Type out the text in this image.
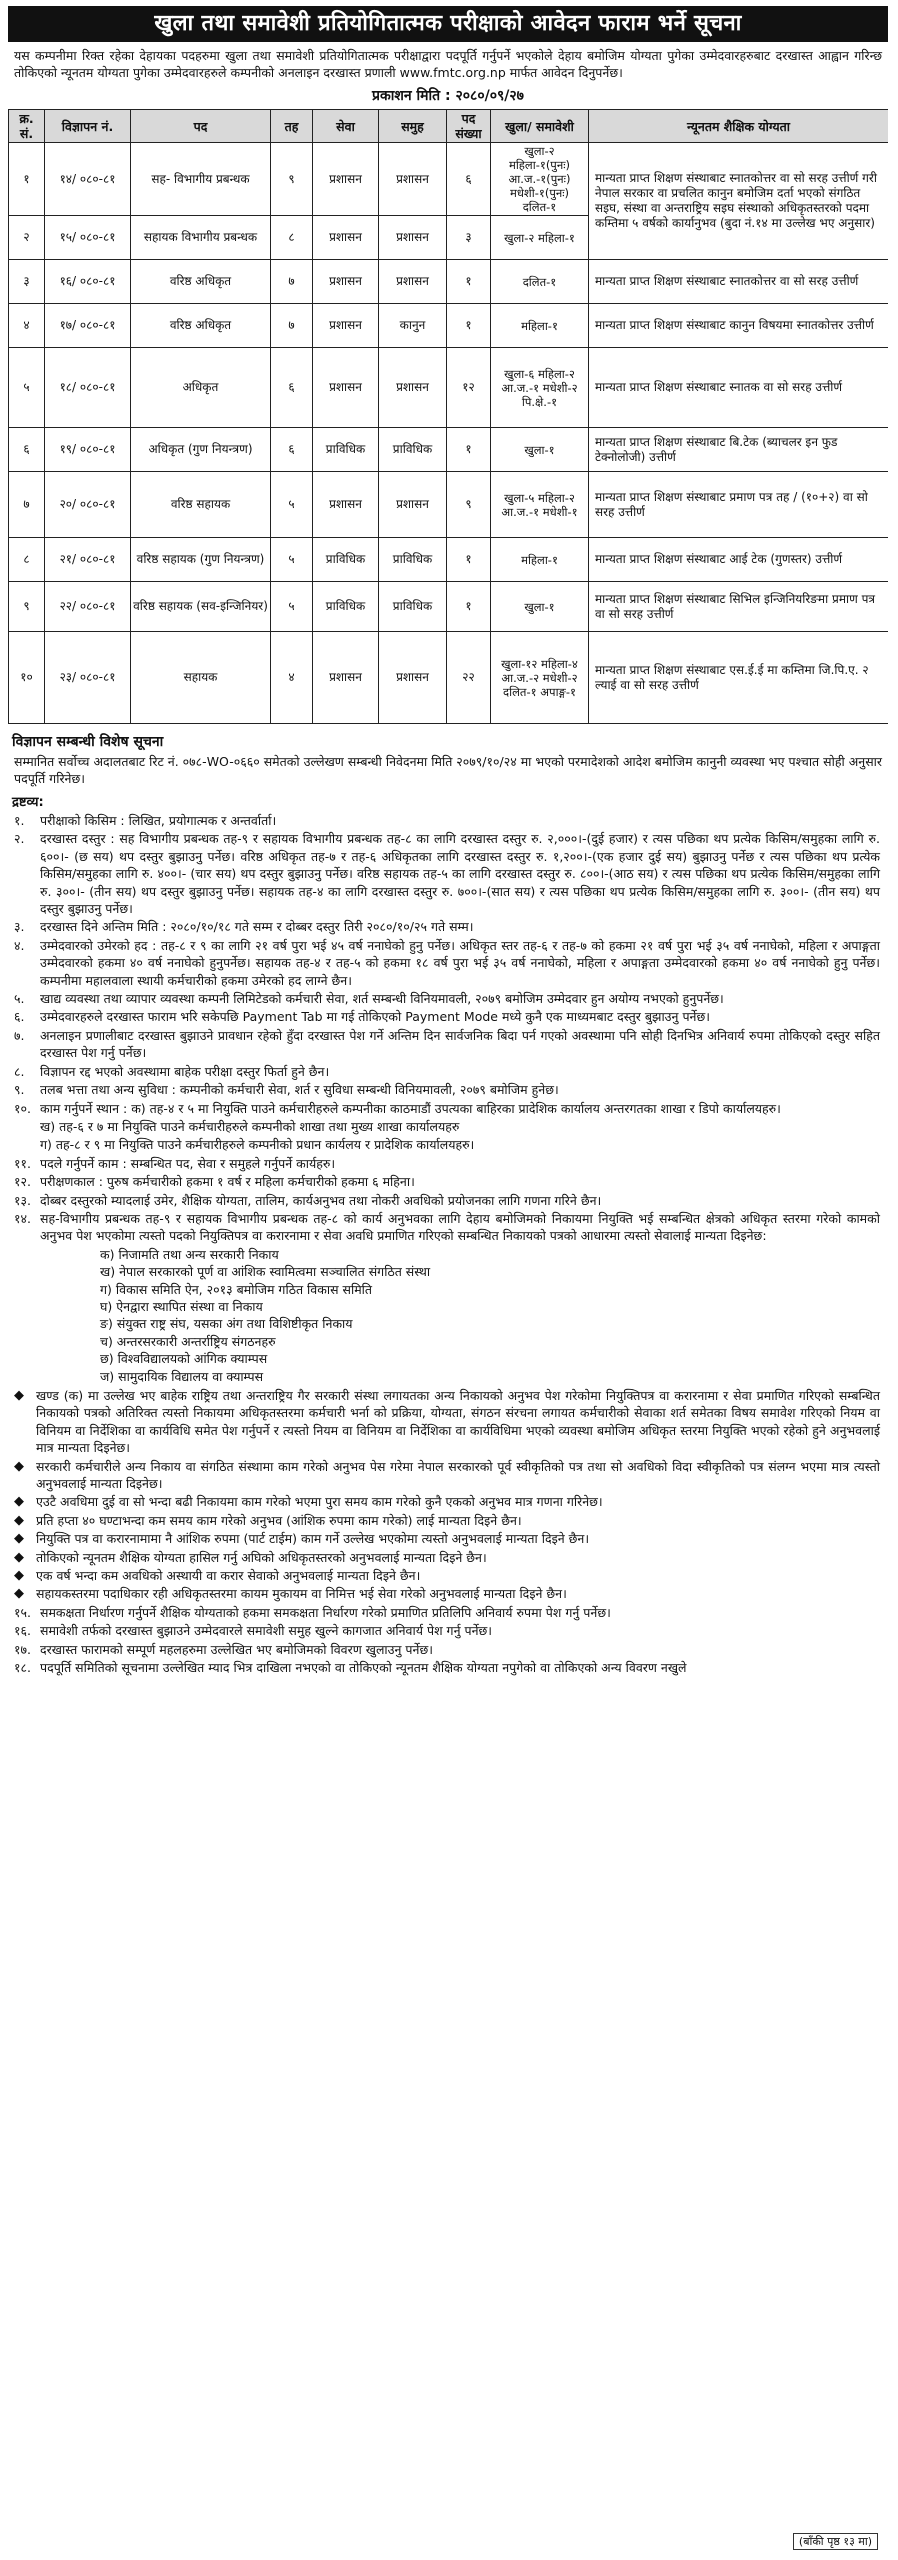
खुला तथा समावेशी प्रतियोगितात्मक परीक्षाको आवेदन फाराम भर्ने सूचना
यस कम्पनीमा रिक्त रहेका देहायका पदहरुमा खुला तथा समावेशी प्रतियोगितात्मक परीक्षाद्वारा पदपूर्ति गर्नुपर्ने भएकोले देहाय बमोजिम योग्यता पुगेका उम्मेदवारहरुबाट दरखास्त आह्वान गरिन्छ तोकिएको न्यूनतम योग्यता पुगेका उम्मेदवारहरुले कम्पनीको अनलाइन दरखास्त प्रणाली www.fmtc.org.np मार्फत आवेदन दिनुपर्नेछ।
प्रकाशन मिति : २०८०/०९/२७
क्र. सं.	विज्ञापन नं.	पद	तह	सेवा	समुह	पद संख्या	खुला/ समावेशी	न्यूनतम शैक्षिक योग्यता
१	१४/ ०८०-८१	सह- विभागीय प्रबन्धक	९	प्रशासन	प्रशासन	६	खुला-२ महिला-१(पुनः) आ.ज.-१(पुनः) मधेशी-१(पुनः) दलित-१	मान्यता प्राप्त शिक्षण संस्थाबाट स्नातकोत्तर वा सो सरह उत्तीर्ण गरी नेपाल सरकार वा प्रचलित कानुन बमोजिम दर्ता भएको संगठित सइघ, संस्था वा अन्तराष्ट्रिय सइघ संस्थाको अधिकृतस्तरको पदमा कम्तिमा ५ वर्षको कार्यानुभव (बुदा नं.१४ मा उल्लेख भए अनुसार)
२	१५/ ०८०-८१	सहायक विभागीय प्रबन्धक	८	प्रशासन	प्रशासन	३	खुला-२ महिला-१	
३	१६/ ०८०-८१	वरिष्ठ अधिकृत	७	प्रशासन	प्रशासन	१	दलित-१	मान्यता प्राप्त शिक्षण संस्थाबाट स्नातकोत्तर वा सो सरह उत्तीर्ण
४	१७/ ०८०-८१	वरिष्ठ अधिकृत	७	प्रशासन	कानुन	१	महिला-१	मान्यता प्राप्त शिक्षण संस्थाबाट कानुन विषयमा स्नातकोत्तर उत्तीर्ण
५	१८/ ०८०-८१	अधिकृत	६	प्रशासन	प्रशासन	१२	खुला-६ महिला-२ आ.ज.-१ मधेशी-२ पि.क्षे.-१	मान्यता प्राप्त शिक्षण संस्थाबाट स्नातक वा सो सरह उत्तीर्ण
६	१९/ ०८०-८१	अधिकृत (गुण नियन्त्रण)	६	प्राविधिक	प्राविधिक	१	खुला-१	मान्यता प्राप्त शिक्षण संस्थाबाट बि.टेक (ब्याचलर इन फुड टेक्नोलोजी) उत्तीर्ण
७	२०/ ०८०-८१	वरिष्ठ सहायक	५	प्रशासन	प्रशासन	९	खुला-५ महिला-२ आ.ज.-१ मधेशी-१	मान्यता प्राप्त शिक्षण संस्थाबाट प्रमाण पत्र तह / (१०+२) वा सो सरह उत्तीर्ण
८	२१/ ०८०-८१	वरिष्ठ सहायक (गुण नियन्त्रण)	५	प्राविधिक	प्राविधिक	१	महिला-१	मान्यता प्राप्त शिक्षण संस्थाबाट आई टेक (गुणस्तर) उत्तीर्ण
९	२२/ ०८०-८१	वरिष्ठ सहायक (सव-इन्जिनियर)	५	प्राविधिक	प्राविधिक	१	खुला-१	मान्यता प्राप्त शिक्षण संस्थाबाट सिभिल इन्जिनियरिङमा प्रमाण पत्र वा सो सरह उत्तीर्ण
१०	२३/ ०८०-८१	सहायक	४	प्रशासन	प्रशासन	२२	खुला-१२ महिला-४ आ.ज.-२ मधेशी-२ दलित-१ अपाङ्ग-१	मान्यता प्राप्त शिक्षण संस्थाबाट एस.ई.ई मा कम्तिमा जि.पि.ए. २ ल्याई वा सो सरह उत्तीर्ण
विज्ञापन सम्बन्धी विशेष सूचना
सम्मानित सर्वोच्च अदालतबाट रिट नं. ०७८-WO-०६६० समेतको उल्लेखण सम्बन्धी निवेदनमा मिति २०७९/१०/२४ मा भएको परमादेशको आदेश बमोजिम कानुनी व्यवस्था भए पश्चात सोही अनुसार पदपूर्ति गरिनेछ।
द्रष्टव्य:
१.	परीक्षाको किसिम : लिखित, प्रयोगात्मक र अन्तर्वार्ता।
२.	दरखास्त दस्तुर : सह विभागीय प्रबन्धक तह-९ र सहायक विभागीय प्रबन्धक तह-८ का लागि दरखास्त दस्तुर रु. २,०००।-(दुई हजार) र त्यस पछिका थप प्रत्येक किसिम/समुहका लागि रु. ६००।- (छ सय) थप दस्तुर बुझाउनु पर्नेछ। वरिष्ठ अधिकृत तह-७ र तह-६ अधिकृतका लागि दरखास्त दस्तुर रु. १,२००।-(एक हजार दुई सय) बुझाउनु पर्नेछ र त्यस पछिका थप प्रत्येक किसिम/समुहका लागि रु. ४००।- (चार सय) थप दस्तुर बुझाउनु पर्नेछ। वरिष्ठ सहायक तह-५ का लागि दरखास्त दस्तुर रु. ८००।-(आठ सय) र त्यस पछिका थप प्रत्येक किसिम/समुहका लागि रु. ३००।- (तीन सय) थप दस्तुर बुझाउनु पर्नेछ। सहायक तह-४ का लागि दरखास्त दस्तुर रु. ७००।-(सात सय) र त्यस पछिका थप प्रत्येक किसिम/समुहका लागि रु. ३००।- (तीन सय) थप दस्तुर बुझाउनु पर्नेछ।
३.	दरखास्त दिने अन्तिम मिति : २०८०/१०/१८ गते सम्म र दोब्बर दस्तुर तिरी २०८०/१०/२५ गते सम्म।
४.	उम्मेदवारको उमेरको हद : तह-८ र ९ का लागि २१ वर्ष पुरा भई ४५ वर्ष ननाघेको हुनु पर्नेछ। अधिकृत स्तर तह-६ र तह-७ को हकमा २१ वर्ष पुरा भई ३५ वर्ष ननाघेको, महिला र अपाङ्गता उम्मेदवारको हकमा ४० वर्ष ननाघेको हुनुपर्नेछ। सहायक तह-४ र तह-५ को हकमा १८ वर्ष पुरा भई ३५ वर्ष ननाघेको, महिला र अपाङ्गता उम्मेदवारको हकमा ४० वर्ष ननाघेको हुनु पर्नेछ। कम्पनीमा महालवाला स्थायी कर्मचारीको हकमा उमेरको हद लाग्ने छैन।
५.	खाद्य व्यवस्था तथा व्यापार व्यवस्था कम्पनी लिमिटेडको कर्मचारी सेवा, शर्त सम्बन्धी विनियमावली, २०७९ बमोजिम उम्मेदवार हुन अयोग्य नभएको हुनुपर्नेछ।
६.	उम्मेदवारहरुले दरखास्त फाराम भरि सकेपछि Payment Tab मा गई तोकिएको Payment Mode मध्ये कुनै एक माध्यमबाट दस्तुर बुझाउनु पर्नेछ।
७.	अनलाइन प्रणालीबाट दरखास्त बुझाउने प्रावधान रहेको हुँदा दरखास्त पेश गर्ने अन्तिम दिन सार्वजनिक बिदा पर्न गएको अवस्थामा पनि सोही दिनभित्र अनिवार्य रुपमा तोकिएको दस्तुर सहित दरखास्त पेश गर्नु पर्नेछ।
८.	विज्ञापन रद्द भएको अवस्थामा बाहेक परीक्षा दस्तुर फिर्ता हुने छैन।
९.	तलब भत्ता तथा अन्य सुविधा : कम्पनीको कर्मचारी सेवा, शर्त र सुविधा सम्बन्धी विनियमावली, २०७९ बमोजिम हुनेछ।
१०. काम गर्नुपर्ने स्थान : क) तह-४ र ५ मा नियुक्ति पाउने कर्मचारीहरुले कम्पनीका काठमाडौं उपत्यका बाहिरका प्रादेशिक कार्यालय अन्तरगतका शाखा र डिपो कार्यालयहरु।
ख) तह-६ र ७ मा नियुक्ति पाउने कर्मचारीहरुले कम्पनीको शाखा तथा मुख्य शाखा कार्यालयहरु
ग) तह-८ र ९ मा नियुक्ति पाउने कर्मचारीहरुले कम्पनीको प्रधान कार्यलय र प्रादेशिक कार्यालयहरु।
११. पदले गर्नुपर्ने काम : सम्बन्धित पद, सेवा र समुहले गर्नुपर्ने कार्यहरु।
१२. परीक्षणकाल : पुरुष कर्मचारीको हकमा १ वर्ष र महिला कर्मचारीको हकमा ६ महिना।
१३. दोब्बर दस्तुरको म्यादलाई उमेर, शैक्षिक योग्यता, तालिम, कार्यअनुभव तथा नोकरी अवधिको प्रयोजनका लागि गणना गरिने छैन।
१४. सह-विभागीय प्रबन्धक तह-९ र सहायक विभागीय प्रबन्धक तह-८ को कार्य अनुभवका लागि देहाय बमोजिमको निकायमा नियुक्ति भई सम्बन्धित क्षेत्रको अधिकृत स्तरमा गरेको कामको अनुभव पेश भएकोमा त्यस्तो पदको नियुक्तिपत्र वा करारनामा र सेवा अवधि प्रमाणित गरिएको सम्बन्धित निकायको पत्रको आधारमा त्यस्तो सेवालाई मान्यता दिइनेछ:
क) निजामति तथा अन्य सरकारी निकाय
ख) नेपाल सरकारको पूर्ण वा आंशिक स्वामित्वमा सञ्चालित संगठित संस्था
ग) विकास समिति ऐन, २०१३ बमोजिम गठित विकास समिति
घ) ऐनद्वारा स्थापित संस्था वा निकाय
ङ) संयुक्त राष्ट्र संघ, यसका अंग तथा विशिष्टीकृत निकाय
च) अन्तरसरकारी अन्तर्राष्ट्रिय संगठनहरु
छ) विश्वविद्यालयको आंगिक क्याम्पस
ज) सामुदायिक विद्यालय वा क्याम्पस
◆ खण्ड (क) मा उल्लेख भए बाहेक राष्ट्रिय तथा अन्तराष्ट्रिय गैर सरकारी संस्था लगायतका अन्य निकायको अनुभव पेश गरेकोमा नियुक्तिपत्र वा करारनामा र सेवा प्रमाणित गरिएको सम्बन्धित निकायको पत्रको अतिरिक्त त्यस्तो निकायमा अधिकृतस्तरमा कर्मचारी भर्ना को प्रक्रिया, योग्यता, संगठन संरचना लगायत कर्मचारीको सेवाका शर्त समेतका विषय समावेश गरिएको नियम वा विनियम वा निर्देशिका वा कार्यविधि समेत पेश गर्नुपर्ने र त्यस्तो नियम वा विनियम वा निर्देशिका वा कार्यविधिमा भएको व्यवस्था बमोजिम अधिकृत स्तरमा नियुक्ति भएको रहेको हुने अनुभवलाई मात्र मान्यता दिइनेछ।
◆ सरकारी कर्मचारीले अन्य निकाय वा संगठित संस्थामा काम गरेको अनुभव पेस गरेमा नेपाल सरकारको पूर्व स्वीकृतिको पत्र तथा सो अवधिको विदा स्वीकृतिको पत्र संलग्न भएमा मात्र त्यस्तो अनुभवलाई मान्यता दिइनेछ।
◆ एउटै अवधिमा दुई वा सो भन्दा बढी निकायमा काम गरेको भएमा पुरा समय काम गरेको कुनै एकको अनुभव मात्र गणना गरिनेछ।
◆ प्रति हप्ता ४० घण्टाभन्दा कम समय काम गरेको अनुभव (आंशिक रुपमा काम गरेको) लाई मान्यता दिइने छैन।
◆ नियुक्ति पत्र वा करारनामामा नै आंशिक रुपमा (पार्ट टाईम) काम गर्ने उल्लेख भएकोमा त्यस्तो अनुभवलाई मान्यता दिइने छैन।
◆ तोकिएको न्यूनतम शैक्षिक योग्यता हासिल गर्नु अघिको अधिकृतस्तरको अनुभवलाई मान्यता दिइने छैन।
◆ एक वर्ष भन्दा कम अवधिको अस्थायी वा करार सेवाको अनुभवलाई मान्यता दिइने छैन।
◆ सहायकस्तरमा पदाधिकार रही अधिकृतस्तरमा कायम मुकायम वा निमित्त भई सेवा गरेको अनुभवलाई मान्यता दिइने छैन।
१५. समकक्षता निर्धारण गर्नुपर्ने शैक्षिक योग्यताको हकमा समकक्षता निर्धारण गरेको प्रमाणित प्रतिलिपि अनिवार्य रुपमा पेश गर्नु पर्नेछ।
१६. समावेशी तर्फको दरखास्त बुझाउने उम्मेदवारले समावेशी समुह खुल्ने कागजात अनिवार्य पेश गर्नु पर्नेछ।
१७. दरखास्त फारामको सम्पूर्ण महलहरुमा उल्लेखित भए बमोजिमको विवरण खुलाउनु पर्नेछ।
१८. पदपूर्ति समितिको सूचनामा उल्लेखित म्याद भित्र दाखिला नभएको वा तोकिएको न्यूनतम शैक्षिक योग्यता नपुगेको वा तोकिएको अन्य विवरण नखुले
(बाँकी पृष्ठ १३ मा)
